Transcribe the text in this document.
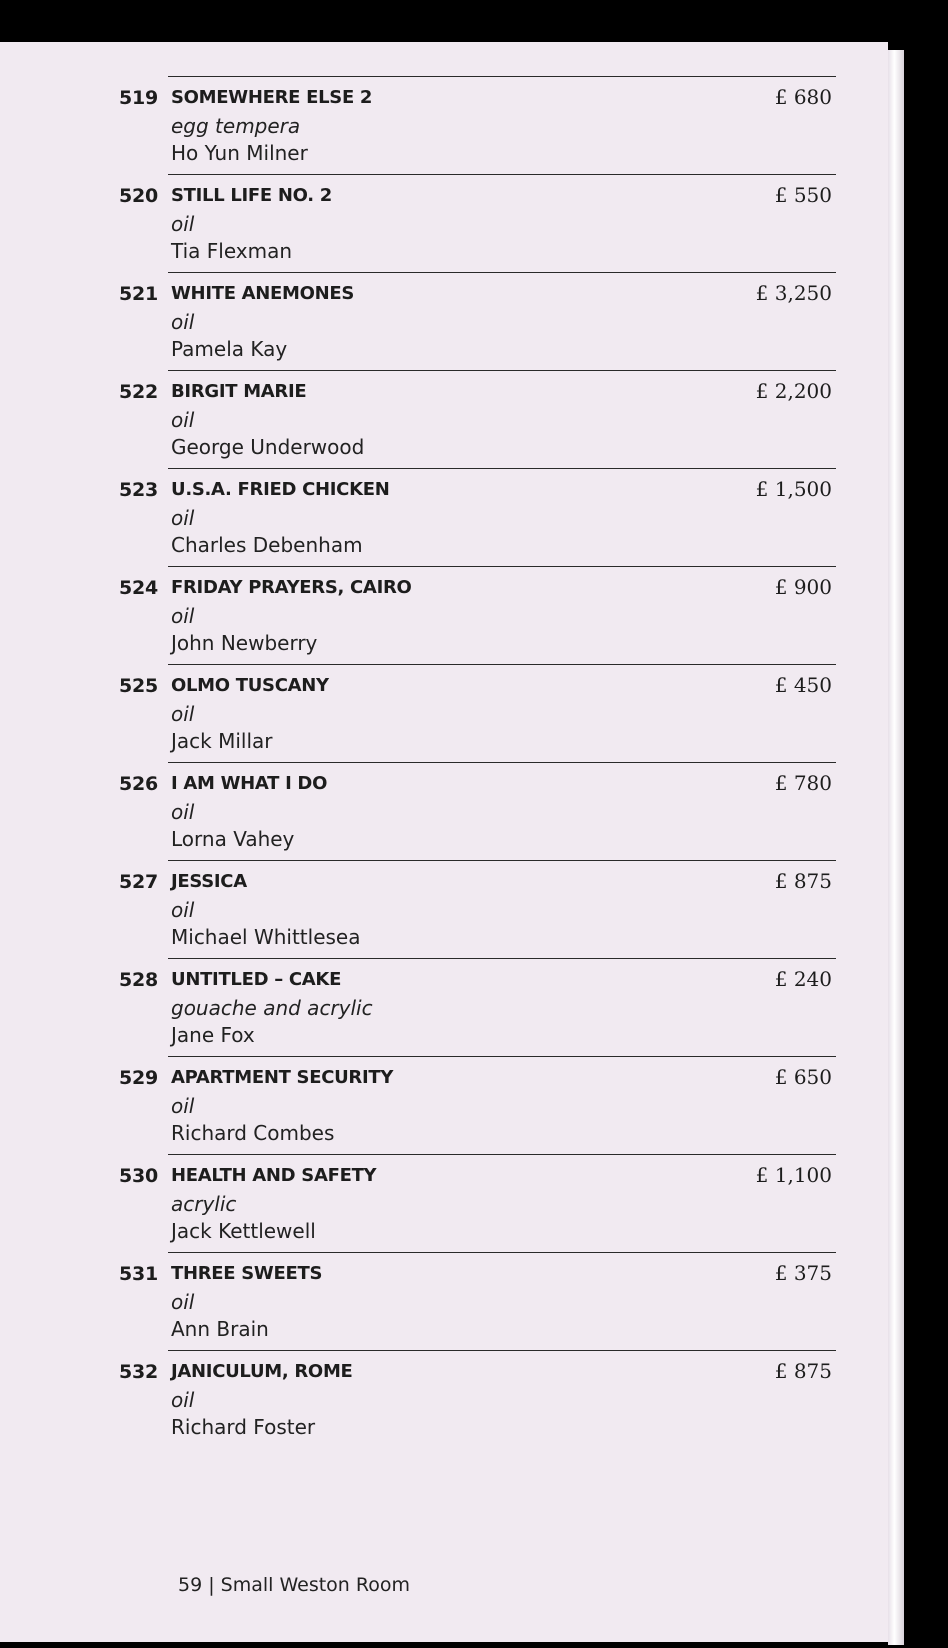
519 SOMEWHERE ELSE 2	£ 680
egg tempera
Ho Yun Milner
520 STILL LIFE NO. 2	£ 550
oil
Tia Flexman
521 WHITE ANEMONES	£ 3,250
oil
Pamela Kay
522 BIRGIT MARIE	£ 2,200
oil
George Underwood
523 U.S.A. FRIED CHICKEN	£ 1,500
oil
Charles Debenham
524 FRIDAY PRAYERS, CAIRO	£ 900
oil
John Newberry
525 OLMO TUSCANY	£ 450
oil
Jack Millar
526 I AM WHAT I DO	£ 780
oil
Lorna Vahey
527 JESSICA	£ 875
oil
Michael Whittlesea
528 UNTITLED – CAKE	£ 240
gouache and acrylic
Jane Fox
529 APARTMENT SECURITY	£ 650
oil
Richard Combes
530 HEALTH AND SAFETY	£ 1,100
acrylic
Jack Kettlewell
531 THREE SWEETS	£ 375
oil
Ann Brain
532 JANICULUM, ROME	£ 875
oil
Richard Foster
59 | Small Weston Room
